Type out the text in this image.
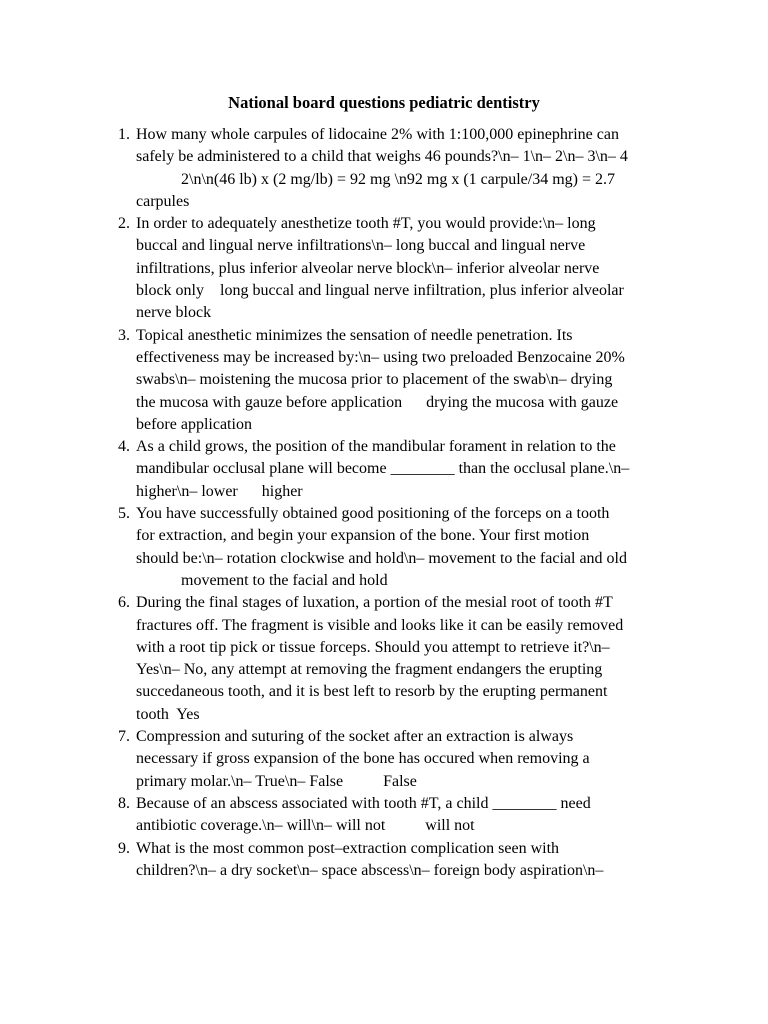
National board questions pediatric dentistry
1. How many whole carpules of lidocaine 2% with 1:100,000 epinephrine can
safely be administered to a child that weighs 46 pounds?\n– 1\n– 2\n– 3\n– 4
2\n\n(46 lb) x (2 mg/lb) = 92 mg \n92 mg x (1 carpule/34 mg) = 2.7
carpules
2. In order to adequately anesthetize tooth #T, you would provide:\n– long
buccal and lingual nerve infiltrations\n– long buccal and lingual nerve
infiltrations, plus inferior alveolar nerve block\n– inferior alveolar nerve
block only    long buccal and lingual nerve infiltration, plus inferior alveolar
nerve block
3. Topical anesthetic minimizes the sensation of needle penetration. Its
effectiveness may be increased by:\n– using two preloaded Benzocaine 20%
swabs\n– moistening the mucosa prior to placement of the swab\n– drying
the mucosa with gauze before application      drying the mucosa with gauze
before application
4. As a child grows, the position of the mandibular forament in relation to the
mandibular occlusal plane will become ________ than the occlusal plane.\n–
higher\n– lower      higher
5. You have successfully obtained good positioning of the forceps on a tooth
for extraction, and begin your expansion of the bone. Your first motion
should be:\n– rotation clockwise and hold\n– movement to the facial and old
movement to the facial and hold
6. During the final stages of luxation, a portion of the mesial root of tooth #T
fractures off. The fragment is visible and looks like it can be easily removed
with a root tip pick or tissue forceps. Should you attempt to retrieve it?\n–
Yes\n– No, any attempt at removing the fragment endangers the erupting
succedaneous tooth, and it is best left to resorb by the erupting permanent
tooth  Yes
7. Compression and suturing of the socket after an extraction is always
necessary if gross expansion of the bone has occured when removing a
primary molar.\n– True\n– False          False
8. Because of an abscess associated with tooth #T, a child ________ need
antibiotic coverage.\n– will\n– will not          will not
9. What is the most common post–extraction complication seen with
children?\n– a dry socket\n– space abscess\n– foreign body aspiration\n–
